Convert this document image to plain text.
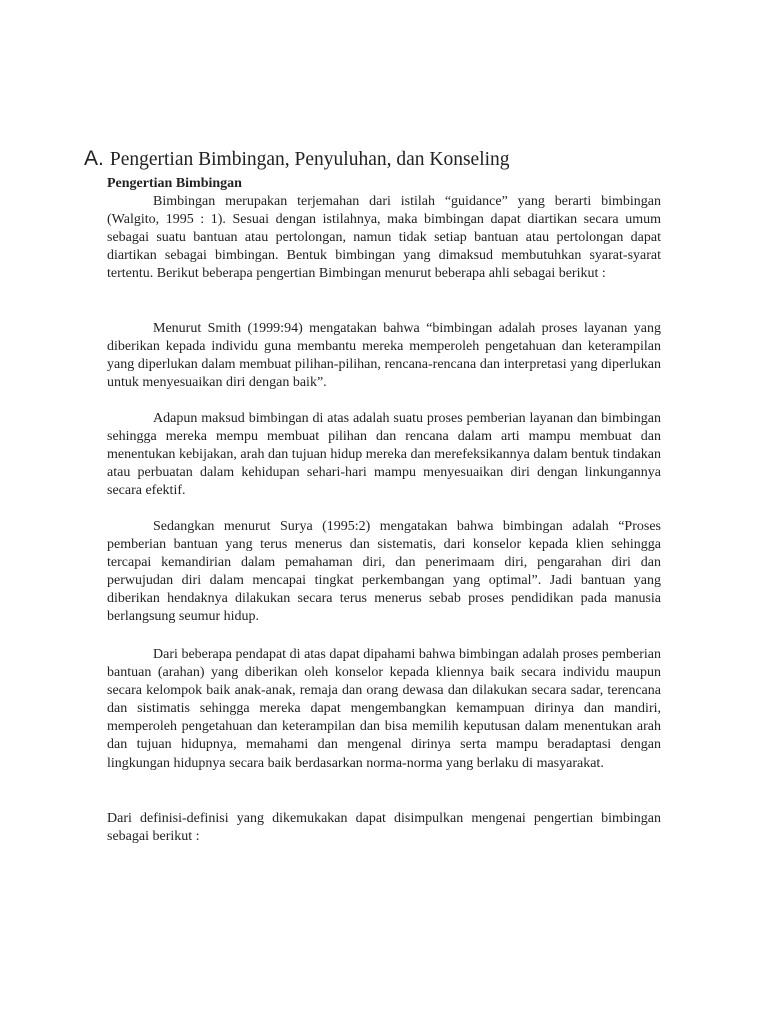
A. Pengertian Bimbingan, Penyuluhan, dan Konseling
Pengertian Bimbingan

Bimbingan merupakan terjemahan dari istilah “guidance” yang berarti bimbingan (Walgito, 1995 : 1). Sesuai dengan istilahnya, maka bimbingan dapat diartikan secara umum sebagai suatu bantuan atau pertolongan, namun tidak setiap bantuan atau pertolongan dapat diartikan sebagai bimbingan. Bentuk bimbingan yang dimaksud membutuhkan syarat-syarat tertentu. Berikut beberapa pengertian Bimbingan menurut beberapa ahli sebagai berikut :

Menurut Smith (1999:94) mengatakan bahwa “bimbingan adalah proses layanan yang diberikan kepada individu guna membantu mereka memperoleh pengetahuan dan keterampilan yang diperlukan dalam membuat pilihan-pilihan, rencana-rencana dan interpretasi yang diperlukan untuk menyesuaikan diri dengan baik”.

Adapun maksud bimbingan di atas adalah suatu proses pemberian layanan dan bimbingan sehingga mereka mempu membuat pilihan dan rencana dalam arti mampu membuat dan menentukan kebijakan, arah dan tujuan hidup mereka dan merefeksikannya dalam bentuk tindakan atau perbuatan dalam kehidupan sehari-hari mampu menyesuaikan diri dengan linkungannya secara efektif.

Sedangkan menurut Surya (1995:2) mengatakan bahwa bimbingan adalah “Proses pemberian bantuan yang terus menerus dan sistematis, dari konselor kepada klien sehingga tercapai kemandirian dalam pemahaman diri, dan penerimaam diri, pengarahan diri dan perwujudan diri dalam mencapai tingkat perkembangan yang optimal”. Jadi bantuan yang diberikan hendaknya dilakukan secara terus menerus sebab proses pendidikan pada manusia berlangsung seumur hidup.

Dari beberapa pendapat di atas dapat dipahami bahwa bimbingan adalah proses pemberian bantuan (arahan) yang diberikan oleh konselor kepada kliennya baik secara individu maupun secara kelompok baik anak-anak, remaja dan orang dewasa dan dilakukan secara sadar, terencana dan sistimatis sehingga mereka dapat mengembangkan kemampuan dirinya dan mandiri, memperoleh pengetahuan dan keterampilan dan bisa memilih keputusan dalam menentukan arah dan tujuan hidupnya, memahami dan mengenal dirinya serta mampu beradaptasi dengan lingkungan hidupnya secara baik berdasarkan norma-norma yang berlaku di masyarakat.

Dari definisi-definisi yang dikemukakan dapat disimpulkan mengenai pengertian bimbingan sebagai berikut :
